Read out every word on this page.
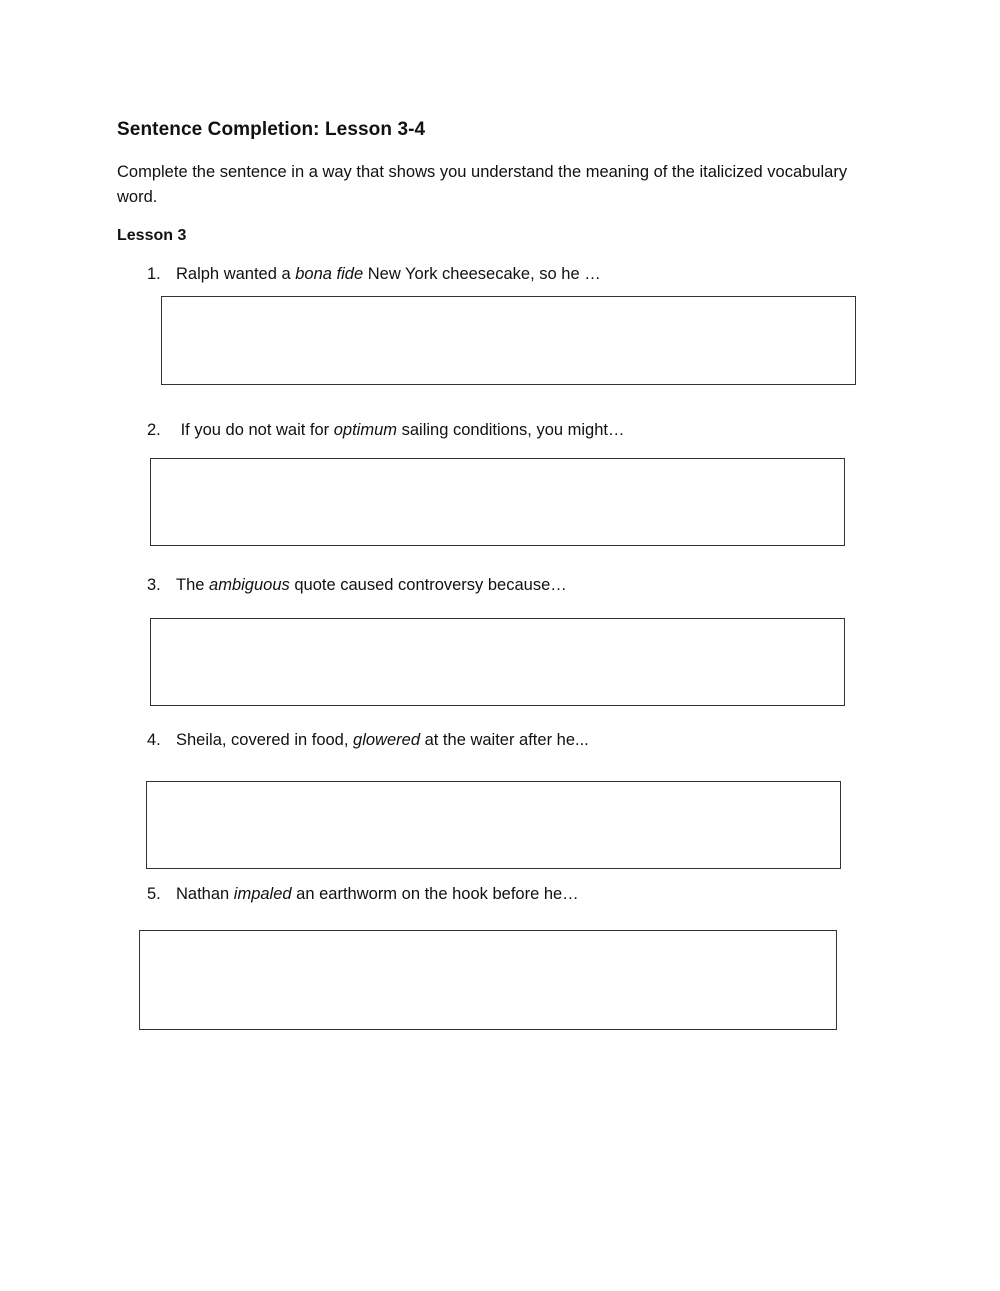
Sentence Completion: Lesson 3-4

Complete the sentence in a way that shows you understand the meaning of the italicized vocabulary word.

Lesson 3

1. Ralph wanted a bona fide New York cheesecake, so he …

2. If you do not wait for optimum sailing conditions, you might…

3. The ambiguous quote caused controversy because…

4. Sheila, covered in food, glowered at the waiter after he...

5. Nathan impaled an earthworm on the hook before he…
